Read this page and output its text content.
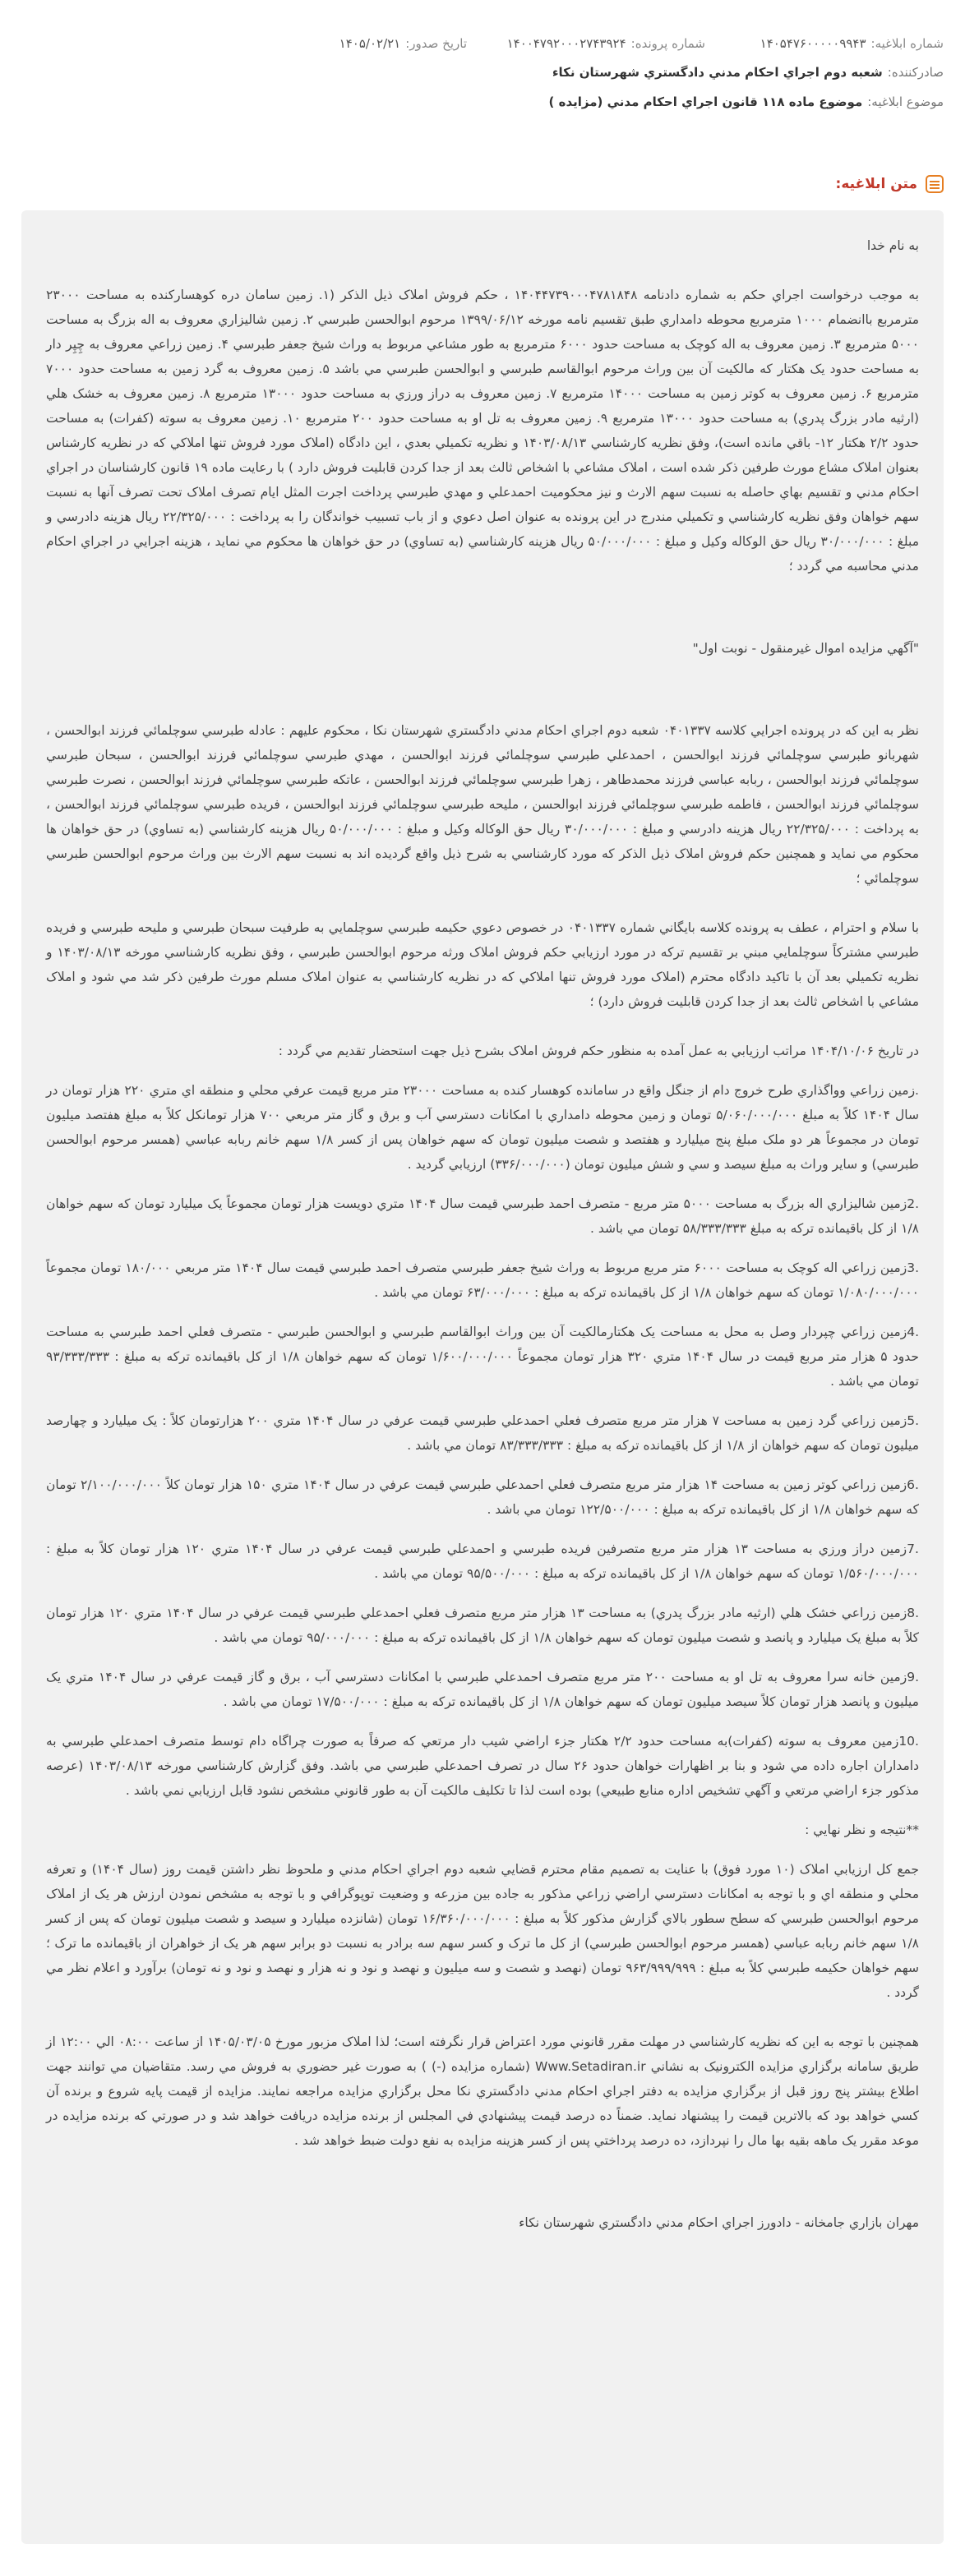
شماره ابلاغيه:
۱۴۰۵۴۷۶۰۰۰۰۰۹۹۴۳
شماره پرونده:
۱۴۰۰۴۷۹۲۰۰۰۲۷۴۳۹۲۴
تاريخ صدور:
۱۴۰۵/۰۲/۲۱
صادرکننده:
شعبه دوم اجراي احکام مدني دادگستري شهرستان نکاء
موضوع ابلاغيه:
موضوع ماده ۱۱۸ قانون اجراي احکام مدني (مزايده )
متن ابلاغيه:

به نام خدا

به موجب درخواست اجراي حکم به شماره دادنامه ۱۴۰۴۴۷۳۹۰۰۰۴۷۸۱۸۴۸ ، حکم فروش املاک ذيل الذکر (۱. زمين سامان دره کوهسارکنده به مساحت ۲۳۰۰۰ مترمربع باانضمام ۱۰۰۰ مترمربع محوطه دامداري طبق تقسيم نامه مورخه ۱۳۹۹/۰۶/۱۲ مرحوم ابوالحسن طبرسي ۲. زمين شاليزاري معروف به اله بزرگ به مساحت ۵۰۰۰ مترمربع ۳. زمين معروف به اله کوچک به مساحت حدود ۶۰۰۰ مترمربع به طور مشاعي مربوط به وراث شيخ جعفر طبرسي ۴. زمين زراعي معروف به چِپِر دار به مساحت حدود يک هکتار که مالکيت آن بين وراث مرحوم ابوالقاسم طبرسي و ابوالحسن طبرسي مي باشد ۵. زمين معروف به گرد زمين به مساحت حدود ۷۰۰۰ مترمربع ۶. زمين معروف به کوتر زمين به مساحت ۱۴۰۰۰ مترمربع ۷. زمين معروف به دراز ورزي به مساحت حدود ۱۳۰۰۰ مترمربع ۸. زمين معروف به خشک هلي (ارثيه مادر بزرگ پدري) به مساحت حدود ۱۳۰۰۰ مترمربع ۹. زمين معروف به تل او به مساحت حدود ۲۰۰ مترمربع ۱۰. زمين معروف به سوته (کفرات) به مساحت حدود ۲/۲ هکتار ۱۲- باقي مانده است)، وفق نظريه کارشناسي ۱۴۰۳/۰۸/۱۳ و نظريه تکميلي بعدي ، اين دادگاه (املاک مورد فروش تنها املاکي که در نظريه کارشناس بعنوان املاک مشاع مورث طرفين ذکر شده است ، املاک مشاعي با اشخاص ثالث بعد از جدا کردن قابليت فروش دارد ) با رعايت ماده ۱۹ قانون کارشناسان در اجراي احکام مدني و تقسيم بهاي حاصله به نسبت سهم الارث و نيز محکوميت احمدعلي و مهدي طبرسي پرداخت اجرت المثل ايام تصرف املاک تحت تصرف آنها به نسبت سهم خواهان وفق نظريه کارشناسي و تکميلي مندرج در اين پرونده به عنوان اصل دعوي و از باب تسبيب خواندگان را به پرداخت : ۲۲/۳۲۵/۰۰۰ ريال هزينه دادرسي و مبلغ : ۳۰/۰۰۰/۰۰۰ ريال حق الوکاله وکيل و مبلغ : ۵۰/۰۰۰/۰۰۰ ريال هزينه کارشناسي (به تساوي) در حق خواهان ها محکوم مي نمايد ، هزينه اجرايي در اجراي احکام مدني محاسبه مي گردد ؛

"آگهي مزايده اموال غيرمنقول - نوبت اول"

نظر به اين که در پرونده اجرايي کلاسه ۰۴۰۱۳۳۷ شعبه دوم اجراي احکام مدني دادگستري شهرستان نکا ، محکوم عليهم : عادله طبرسي سوچلمائي فرزند ابوالحسن ، شهربانو طبرسي سوچلمائي فرزند ابوالحسن ، احمدعلي طبرسي سوچلمائي فرزند ابوالحسن ، مهدي طبرسي سوچلمائي فرزند ابوالحسن ، سبحان طبرسي سوچلمائي فرزند ابوالحسن ، ربابه عباسي فرزند محمدطاهر ، زهرا طبرسي سوچلمائي فرزند ابوالحسن ، عاتکه طبرسي سوچلمائي فرزند ابوالحسن ، نصرت طبرسي سوچلمائي فرزند ابوالحسن ، فاطمه طبرسي سوچلمائي فرزند ابوالحسن ، مليحه طبرسي سوچلمائي فرزند ابوالحسن ، فريده طبرسي سوچلمائي فرزند ابوالحسن ، به پرداخت : ۲۲/۳۲۵/۰۰۰ ريال هزينه دادرسي و مبلغ : ۳۰/۰۰۰/۰۰۰ ريال حق الوکاله وکيل و مبلغ : ۵۰/۰۰۰/۰۰۰ ريال هزينه کارشناسي (به تساوي) در حق خواهان ها محکوم مي نمايد و همچنين حکم فروش املاک ذيل الذکر که مورد کارشناسي به شرح ذيل واقع گرديده اند به نسبت سهم الارث بين وراث مرحوم ابوالحسن طبرسي سوچلمائي ؛

با سلام و احترام ، عطف به پرونده کلاسه بايگاني شماره ۰۴۰۱۳۳۷ در خصوص دعوي حکيمه طبرسي سوچلمايي به طرفيت سبحان طبرسي و مليحه طبرسي و فريده طبرسي مشترکاً سوچلمايي مبني بر تقسيم ترکه در مورد ارزيابي حکم فروش املاک ورثه مرحوم ابوالحسن طبرسي ، وفق نظريه کارشناسي مورخه ۱۴۰۳/۰۸/۱۳ و نظريه تکميلي بعد آن با تاکيد دادگاه محترم (املاک مورد فروش تنها املاکي که در نظريه کارشناسي به عنوان املاک مسلم مورث طرفين ذکر شد مي شود و املاک مشاعي با اشخاص ثالث بعد از جدا کردن قابليت فروش دارد) ؛

در تاريخ ۱۴۰۴/۱۰/۰۶ مراتب ارزيابي به عمل آمده به منظور حکم فروش املاک بشرح ذيل جهت استحضار تقديم مي گردد :

.زمين زراعي وواگذاري طرح خروج دام از جنگل واقع در سامانده کوهسار کنده به مساحت ۲۳۰۰۰ متر مربع قيمت عرفي محلي و منطقه اي متري ۲۲۰ هزار تومان در سال ۱۴۰۴ کلاً به مبلغ ۵/۰۶۰/۰۰۰/۰۰۰ تومان و زمين محوطه دامداري با امکانات دسترسي آب و برق و گاز متر مربعي ۷۰۰ هزار تومانکل کلاً به مبلغ هفتصد ميليون تومان در مجموعاً هر دو ملک مبلغ پنج ميليارد و هفتصد و شصت ميليون تومان که سهم خواهان پس از کسر ۱/۸ سهم خانم ربابه عباسي (همسر مرحوم ابوالحسن طبرسي) و ساير وراث به مبلغ سيصد و سي و شش ميليون تومان (۳۳۶/۰۰۰/۰۰۰) ارزيابي گرديد .

.2زمين شاليزاري اله بزرگ به مساحت ۵۰۰۰ متر مربع - متصرف احمد طبرسي قيمت سال ۱۴۰۴ متري دويست هزار تومان مجموعاً يک ميليارد تومان که سهم خواهان ۱/۸ از کل باقيمانده ترکه به مبلغ ۵۸/۳۳۳/۳۳۳ تومان مي باشد .

.3زمين زراعي اله کوچک به مساحت ۶۰۰۰ متر مربع مربوط به وراث شيخ جعفر طبرسي متصرف احمد طبرسي قيمت سال ۱۴۰۴ متر مربعي ۱۸۰/۰۰۰ تومان مجموعاً ۱/۰۸۰/۰۰۰/۰۰۰ تومان که سهم خواهان ۱/۸ از کل باقيمانده ترکه به مبلغ : ۶۳/۰۰۰/۰۰۰ تومان مي باشد .

.4زمين زراعي چپردار وصل به محل به مساحت يک هکتارمالکيت آن بين وراث ابوالقاسم طبرسي و ابوالحسن طبرسي - متصرف فعلي احمد طبرسي به مساحت حدود ۵ هزار متر مربع قيمت در سال ۱۴۰۴ متري ۳۲۰ هزار تومان مجموعاً ۱/۶۰۰/۰۰۰/۰۰۰ تومان که سهم خواهان ۱/۸ از کل باقيمانده ترکه به مبلغ : ۹۳/۳۳۳/۳۳۳ تومان مي باشد .

.5زمين زراعي گرد زمين به مساحت ۷ هزار متر مربع متصرف فعلي احمدعلي طبرسي قيمت عرفي در سال ۱۴۰۴ متري ۲۰۰ هزارتومان کلاً : يک ميليارد و چهارصد ميليون تومان که سهم خواهان از ۱/۸ از کل باقيمانده ترکه به مبلغ : ۸۳/۳۳۳/۳۳۳ تومان مي باشد .

.6زمين زراعي کوتر زمين به مساحت ۱۴ هزار متر مربع متصرف فعلي احمدعلي طبرسي قيمت عرفي در سال ۱۴۰۴ متري ۱۵۰ هزار تومان کلاً ۲/۱۰۰/۰۰۰/۰۰۰ تومان که سهم خواهان ۱/۸ از کل باقيمانده ترکه به مبلغ : ۱۲۲/۵۰۰/۰۰۰ تومان مي باشد .

.7زمين دراز ورزي به مساحت ۱۳ هزار متر مربع متصرفين فريده طبرسي و احمدعلي طبرسي قيمت عرفي در سال ۱۴۰۴ متري ۱۲۰ هزار تومان کلاً به مبلغ : ۱/۵۶۰/۰۰۰/۰۰۰ تومان که سهم خواهان ۱/۸ از کل باقيمانده ترکه به مبلغ : ۹۵/۵۰۰/۰۰۰ تومان مي باشد .

.8زمين زراعي خشک هلي (ارثيه مادر بزرگ پدري) به مساحت ۱۳ هزار متر مربع متصرف فعلي احمدعلي طبرسي قيمت عرفي در سال ۱۴۰۴ متري ۱۲۰ هزار تومان کلاً به مبلغ يک ميليارد و پانصد و شصت ميليون تومان که سهم خواهان ۱/۸ از کل باقيمانده ترکه به مبلغ : ۹۵/۰۰۰/۰۰۰ تومان مي باشد .

.9زمين خانه سرا معروف به تل او به مساحت ۲۰۰ متر مربع متصرف احمدعلي طبرسي با امکانات دسترسي آب ، برق و گاز قيمت عرفي در سال ۱۴۰۴ متري يک ميليون و پانصد هزار تومان کلاً سيصد ميليون تومان که سهم خواهان ۱/۸ از کل باقيمانده ترکه به مبلغ : ۱۷/۵۰۰/۰۰۰ تومان مي باشد .

.10زمين معروف به سوته (کفرات)به مساحت حدود ۲/۲ هکتار جزء اراضي شيب دار مرتعي که صرفاً به صورت چراگاه دام توسط متصرف احمدعلي طبرسي به دامداران اجاره داده مي شود و بنا بر اظهارات خواهان حدود ۲۶ سال در تصرف احمدعلي طبرسي مي باشد. وفق گزارش کارشناسي مورخه ۱۴۰۳/۰۸/۱۳ (عرصه مذکور جزء اراضي مرتعي و آگهي تشخيص اداره منابع طبيعي) بوده است لذا تا تکليف مالکيت آن به طور قانوني مشخص نشود قابل ارزيابي نمي باشد .

**نتيجه و نظر نهايي :

جمع کل ارزيابي املاک (۱۰ مورد فوق) با عنايت به تصميم مقام محترم قضايي شعبه دوم اجراي احکام مدني و ملحوظ نظر داشتن قيمت روز (سال ۱۴۰۴) و تعرفه محلي و منطقه اي و با توجه به امکانات دسترسي اراضي زراعي مذکور به جاده بين مزرعه و وضعيت توپوگرافي و با توجه به مشخص نمودن ارزش هر يک از املاک مرحوم ابوالحسن طبرسي که سطح سطور بالاي گزارش مذکور کلاً به مبلغ : ۱۶/۳۶۰/۰۰۰/۰۰۰ تومان (شانزده ميليارد و سيصد و شصت ميليون تومان که پس از کسر ۱/۸ سهم خانم ربابه عباسي (همسر مرحوم ابوالحسن طبرسي) از کل ما ترک و کسر سهم سه برادر به نسبت دو برابر سهم هر يک از خواهران از باقيمانده ما ترک ؛ سهم خواهان حکيمه طبرسي کلاً به مبلغ : ۹۶۳/۹۹۹/۹۹۹ تومان (نهصد و شصت و سه ميليون و نهصد و نود و نه هزار و نهصد و نود و نه تومان) برآورد و اعلام نظر مي گردد .

همچنين با توجه به اين که نظريه کارشناسي در مهلت مقرر قانوني مورد اعتراض قرار نگرفته است؛ لذا املاک مزبور مورخ ۱۴۰۵/۰۳/۰۵ از ساعت ۰۸:۰۰ الي ۱۲:۰۰ از طريق سامانه برگزاري مزايده الکترونيک به نشاني Www.Setadiran.ir (شماره مزايده (-) ) به صورت غير حضوري به فروش مي رسد. متقاضيان مي توانند جهت اطلاع بيشتر پنج روز قبل از برگزاري مزايده به دفتر اجراي احکام مدني دادگستري نکا محل برگزاري مزايده مراجعه نمايند. مزايده از قيمت پايه شروع و برنده آن کسي خواهد بود که بالاترين قيمت را پيشنهاد نمايد. ضمناً ده درصد قيمت پيشنهادي في المجلس از برنده مزايده دريافت خواهد شد و در صورتي که برنده مزايده در موعد مقرر يک ماهه بقيه بها مال را نپردازد، ده درصد پرداختي پس از کسر هزينه مزايده به نفع دولت ضبط خواهد شد .

مهران بازاري جامخانه - دادورز اجراي احکام مدني دادگستري شهرستان نکاء
